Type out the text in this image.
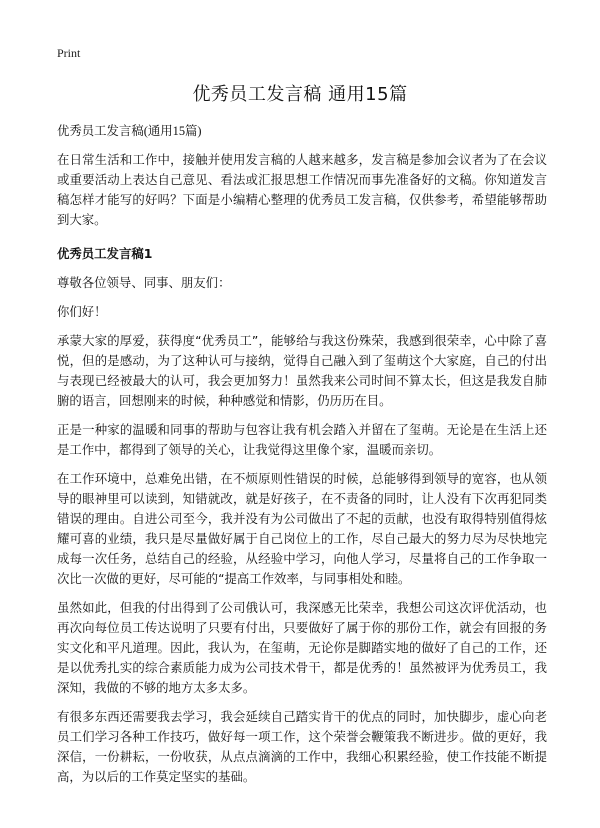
Print
优秀员工发言稿 通用15篇

优秀员工发言稿(通用15篇)

在日常生活和工作中，接触并使用发言稿的人越来越多，发言稿是参加会议者为了在会议或重要活动上表达自己意见、看法或汇报思想工作情况而事先准备好的文稿。你知道发言稿怎样才能写的好吗？下面是小编精心整理的优秀员工发言稿，仅供参考，希望能够帮助到大家。

优秀员工发言稿1

尊敬各位领导、同事、朋友们：

你们好！

承蒙大家的厚爱，获得度“优秀员工”，能够给与我这份殊荣，我感到很荣幸，心中除了喜悦，但的是感动，为了这种认可与接纳，觉得自己融入到了玺萌这个大家庭，自己的付出与表现已经被最大的认可，我会更加努力！虽然我来公司时间不算太长，但这是我发自肺腑的语言，回想刚来的时候，种种感觉和情影，仍历历在目。

正是一种家的温暖和同事的帮助与包容让我有机会踏入并留在了玺萌。无论是在生活上还是工作中，都得到了领导的关心，让我觉得这里像个家，温暖而亲切。

在工作环境中，总难免出错，在不烦原则性错误的时候，总能够得到领导的宽容，也从领导的眼神里可以读到，知错就改，就是好孩子，在不责备的同时，让人没有下次再犯同类错误的理由。自进公司至今，我并没有为公司做出了不起的贡献，也没有取得特别值得炫耀可喜的业绩，我只是尽量做好属于自己岗位上的工作，尽自己最大的努力尽为尽快地完成每一次任务，总结自己的经验，从经验中学习，向他人学习，尽量将自己的工作争取一次比一次做的更好，尽可能的“提高工作效率，与同事相处和睦。

虽然如此，但我的付出得到了公司俄认可，我深感无比荣幸，我想公司这次评优活动，也再次向每位员工传达说明了只要有付出，只要做好了属于你的那份工作，就会有回报的务实文化和平凡道理。因此，我认为，在玺萌，无论你是脚踏实地的做好了自己的工作，还是以优秀扎实的综合素质能力成为公司技术骨干，都是优秀的！虽然被评为优秀员工，我深知，我做的不够的地方太多太多。

有很多东西还需要我去学习，我会延续自己踏实肯干的优点的同时，加快脚步，虚心向老员工们学习各种工作技巧，做好每一项工作，这个荣誉会鞭策我不断进步。做的更好，我深信，一份耕耘，一份收获，从点点滴滴的工作中，我细心积累经验，使工作技能不断提高，为以后的工作莫定坚实的基础。
